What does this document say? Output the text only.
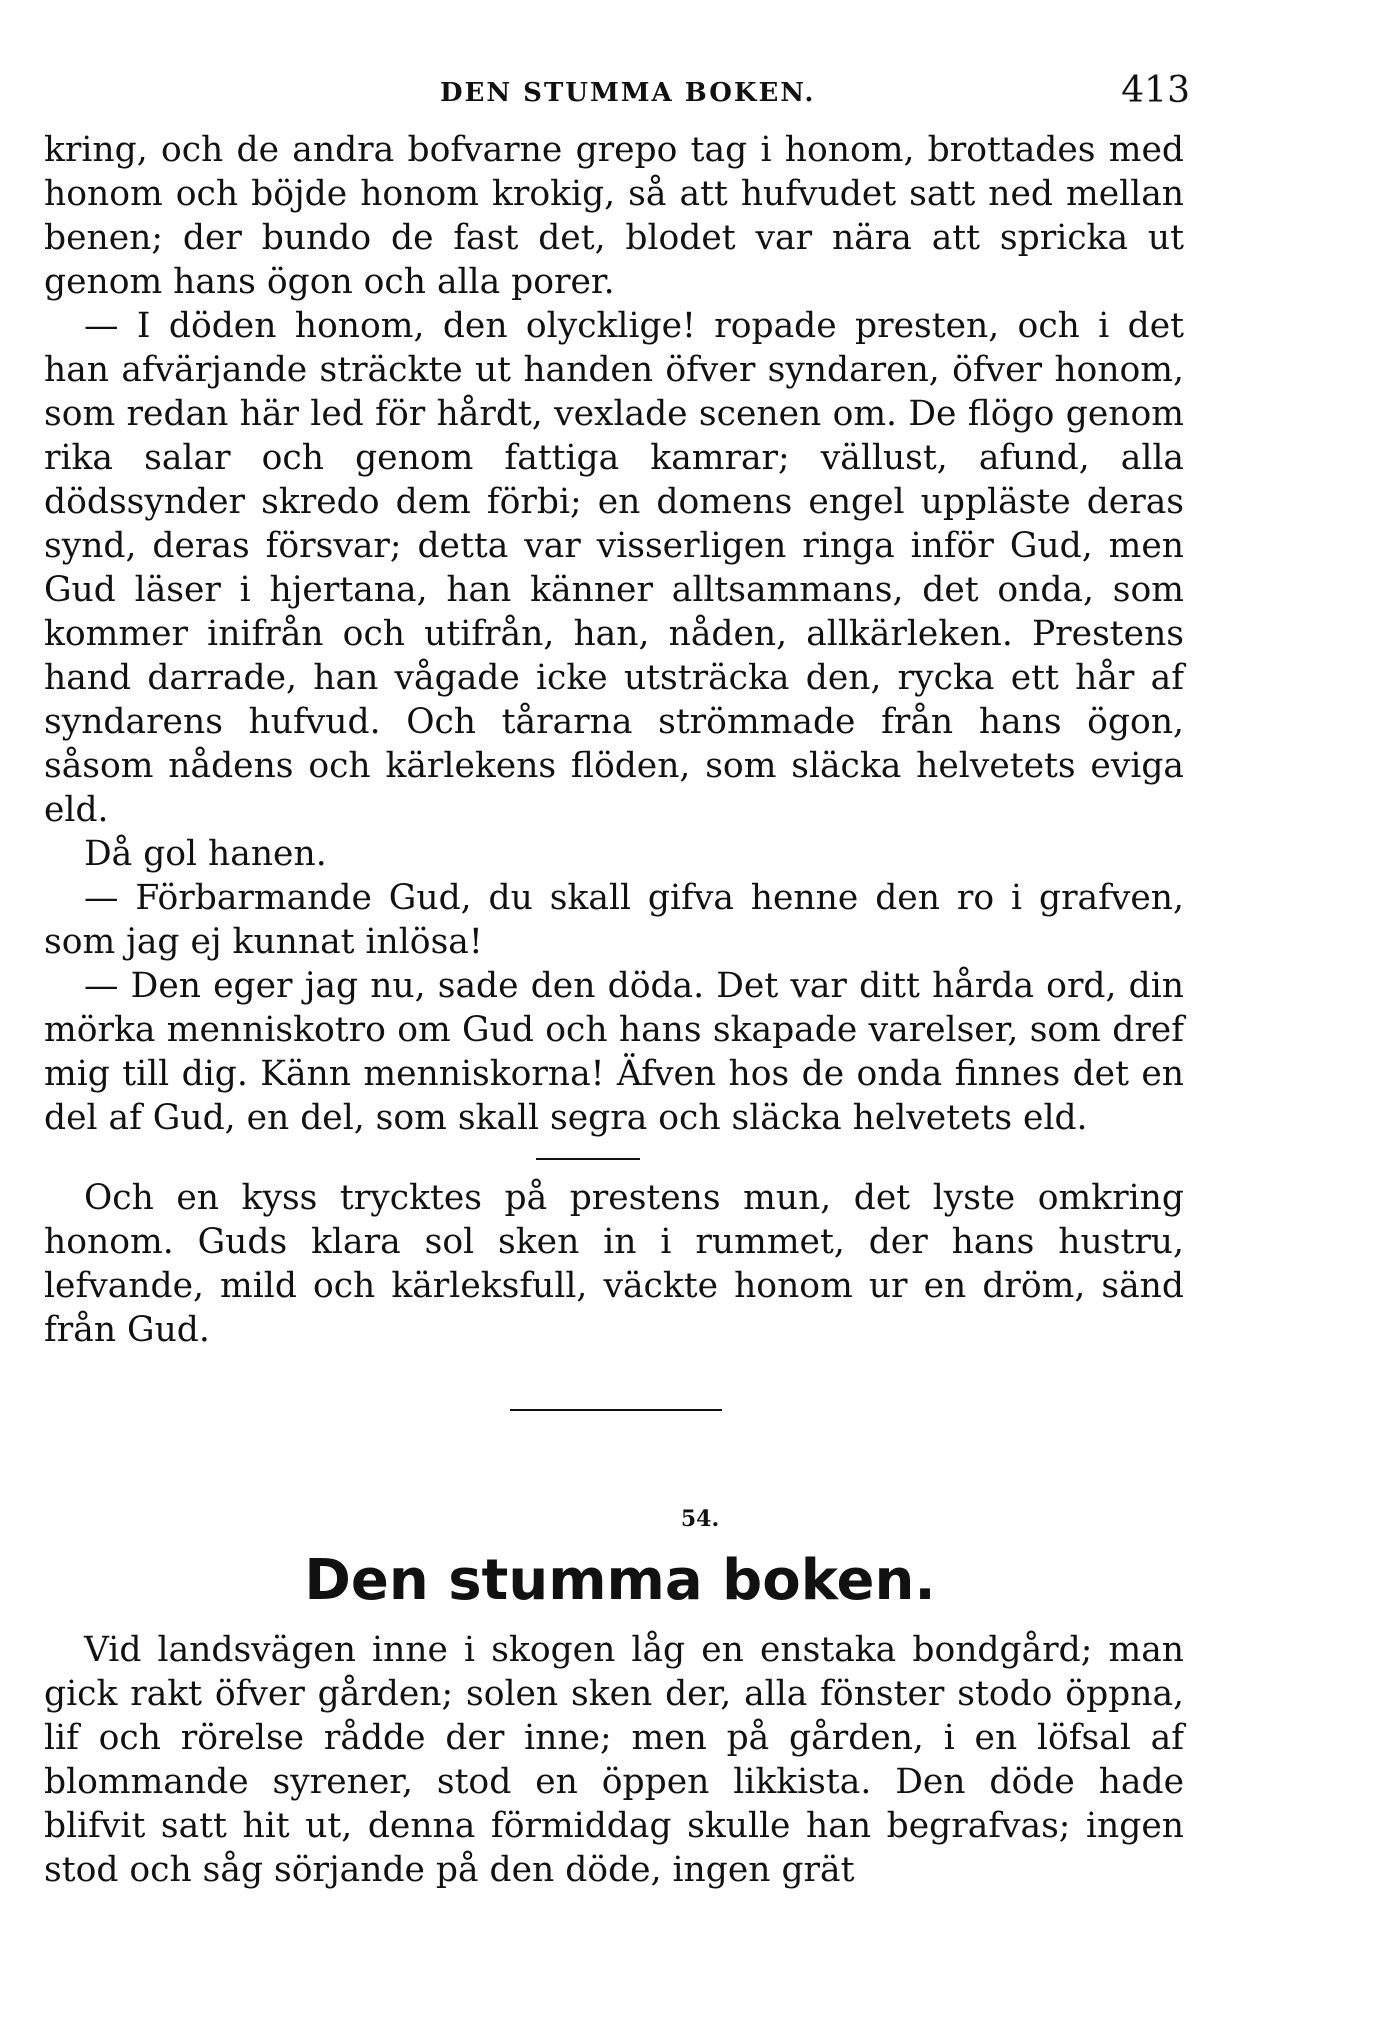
DEN STUMMA BOKEN.	413

kring, och de andra bofvarne grepo tag i honom, brottades med honom och böjde honom krokig, så att hufvudet satt ned mellan benen; der bundo de fast det, blodet var nära att spricka ut genom hans ögon och alla porer.

— I döden honom, den olycklige! ropade presten, och i det han afvärjande sträckte ut handen öfver syndaren, öfver honom, som redan här led för hårdt, vexlade scenen om. De flögo genom rika salar och genom fattiga kamrar; vällust, afund, alla dödssynder skredo dem förbi; en domens engel uppläste deras synd, deras försvar; detta var visserligen ringa inför Gud, men Gud läser i hjertana, han känner alltsammans, det onda, som kommer inifrån och utifrån, han, nåden, allkärleken. Prestens hand darrade, han vågade icke utsträcka den, rycka ett hår af syndarens hufvud. Och tårarna strömmade från hans ögon, såsom nådens och kärlekens flöden, som släcka helvetets eviga eld.

Då gol hanen.

— Förbarmande Gud, du skall gifva henne den ro i grafven, som jag ej kunnat inlösa!

— Den eger jag nu, sade den döda. Det var ditt hårda ord, din mörka menniskotro om Gud och hans skapade varelser, som dref mig till dig. Känn menniskorna! Äfven hos de onda finnes det en del af Gud, en del, som skall segra och släcka helvetets eld.

Och en kyss trycktes på prestens mun, det lyste omkring honom. Guds klara sol sken in i rummet, der hans hustru, lefvande, mild och kärleksfull, väckte honom ur en dröm, sänd från Gud.

54.
Den stumma boken.

Vid landsvägen inne i skogen låg en enstaka bondgård; man gick rakt öfver gården; solen sken der, alla fönster stodo öppna, lif och rörelse rådde der inne; men på gården, i en löfsal af blommande syrener, stod en öppen likkista. Den döde hade blifvit satt hit ut, denna förmiddag skulle han begrafvas; ingen stod och såg sörjande på den döde, ingen grät
